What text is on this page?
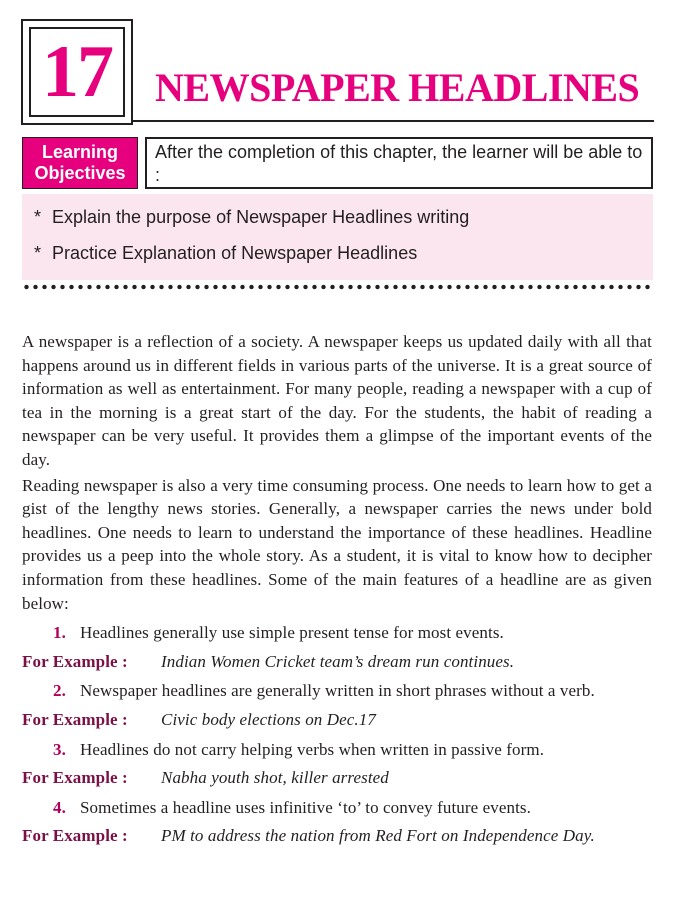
17 NEWSPAPER HEADLINES
Learning
Objectives
After the completion of this chapter, the learner will be able to :
* Explain the purpose of Newspaper Headlines writing
* Practice Explanation of Newspaper Headlines

A newspaper is a reflection of a society. A newspaper keeps us updated daily with all that happens around us in different fields in various parts of the universe. It is a great source of information as well as entertainment. For many people, reading a newspaper with a cup of tea in the morning is a great start of the day. For the students, the habit of reading a newspaper can be very useful. It provides them a glimpse of the important events of the day.

Reading newspaper is also a very time consuming process. One needs to learn how to get a gist of the lengthy news stories. Generally, a newspaper carries the news under bold headlines. One needs to learn to understand the importance of these headlines. Headline provides us a peep into the whole story. As a student, it is vital to know how to decipher information from these headlines. Some of the main features of a headline are as given below:

1. Headlines generally use simple present tense for most events.
For Example :	Indian Women Cricket team’s dream run continues.
2. Newspaper headlines are generally written in short phrases without a verb.
For Example :	Civic body elections on Dec.17
3. Headlines do not carry helping verbs when written in passive form.
For Example :	Nabha youth shot, killer arrested
4. Sometimes a headline uses infinitive ‘to’ to convey future events.
For Example :	PM to address the nation from Red Fort on Independence Day.
